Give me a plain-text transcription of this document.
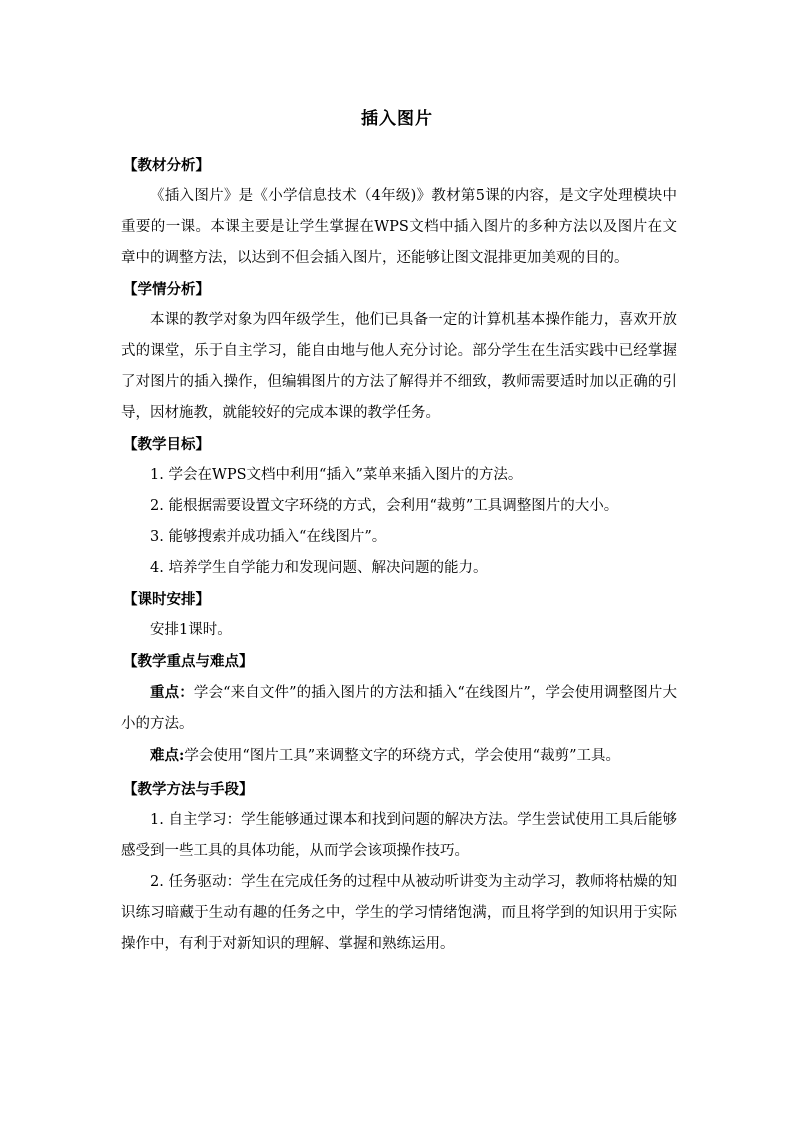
插入图片

【教材分析】

《插入图片》是《小学信息技术（4年级)》教材第5课的内容，是文字处理模块中重要的一课。本课主要是让学生掌握在WPS文档中插入图片的多种方法以及图片在文章中的调整方法，以达到不但会插入图片，还能够让图文混排更加美观的目的。

【学情分析】

本课的教学对象为四年级学生，他们已具备一定的计算机基本操作能力，喜欢开放式的课堂，乐于自主学习，能自由地与他人充分讨论。部分学生在生活实践中已经掌握了对图片的插入操作，但编辑图片的方法了解得并不细致，教师需要适时加以正确的引导，因材施教，就能较好的完成本课的教学任务。

【教学目标】

1. 学会在WPS文档中利用“插入”菜单来插入图片的方法。

2. 能根据需要设置文字环绕的方式，会利用“裁剪”工具调整图片的大小。

3. 能够搜索并成功插入“在线图片”。

4. 培养学生自学能力和发现问题、解决问题的能力。

【课时安排】

安排1课时。

【教学重点与难点】

重点：学会“来自文件”的插入图片的方法和插入“在线图片”，学会使用调整图片大小的方法。

难点:学会使用“图片工具”来调整文字的环绕方式，学会使用“裁剪”工具。

【教学方法与手段】

1. 自主学习：学生能够通过课本和找到问题的解决方法。学生尝试使用工具后能够感受到一些工具的具体功能，从而学会该项操作技巧。

2. 任务驱动：学生在完成任务的过程中从被动听讲变为主动学习，教师将枯燥的知识练习暗藏于生动有趣的任务之中，学生的学习情绪饱满，而且将学到的知识用于实际操作中，有利于对新知识的理解、掌握和熟练运用。
